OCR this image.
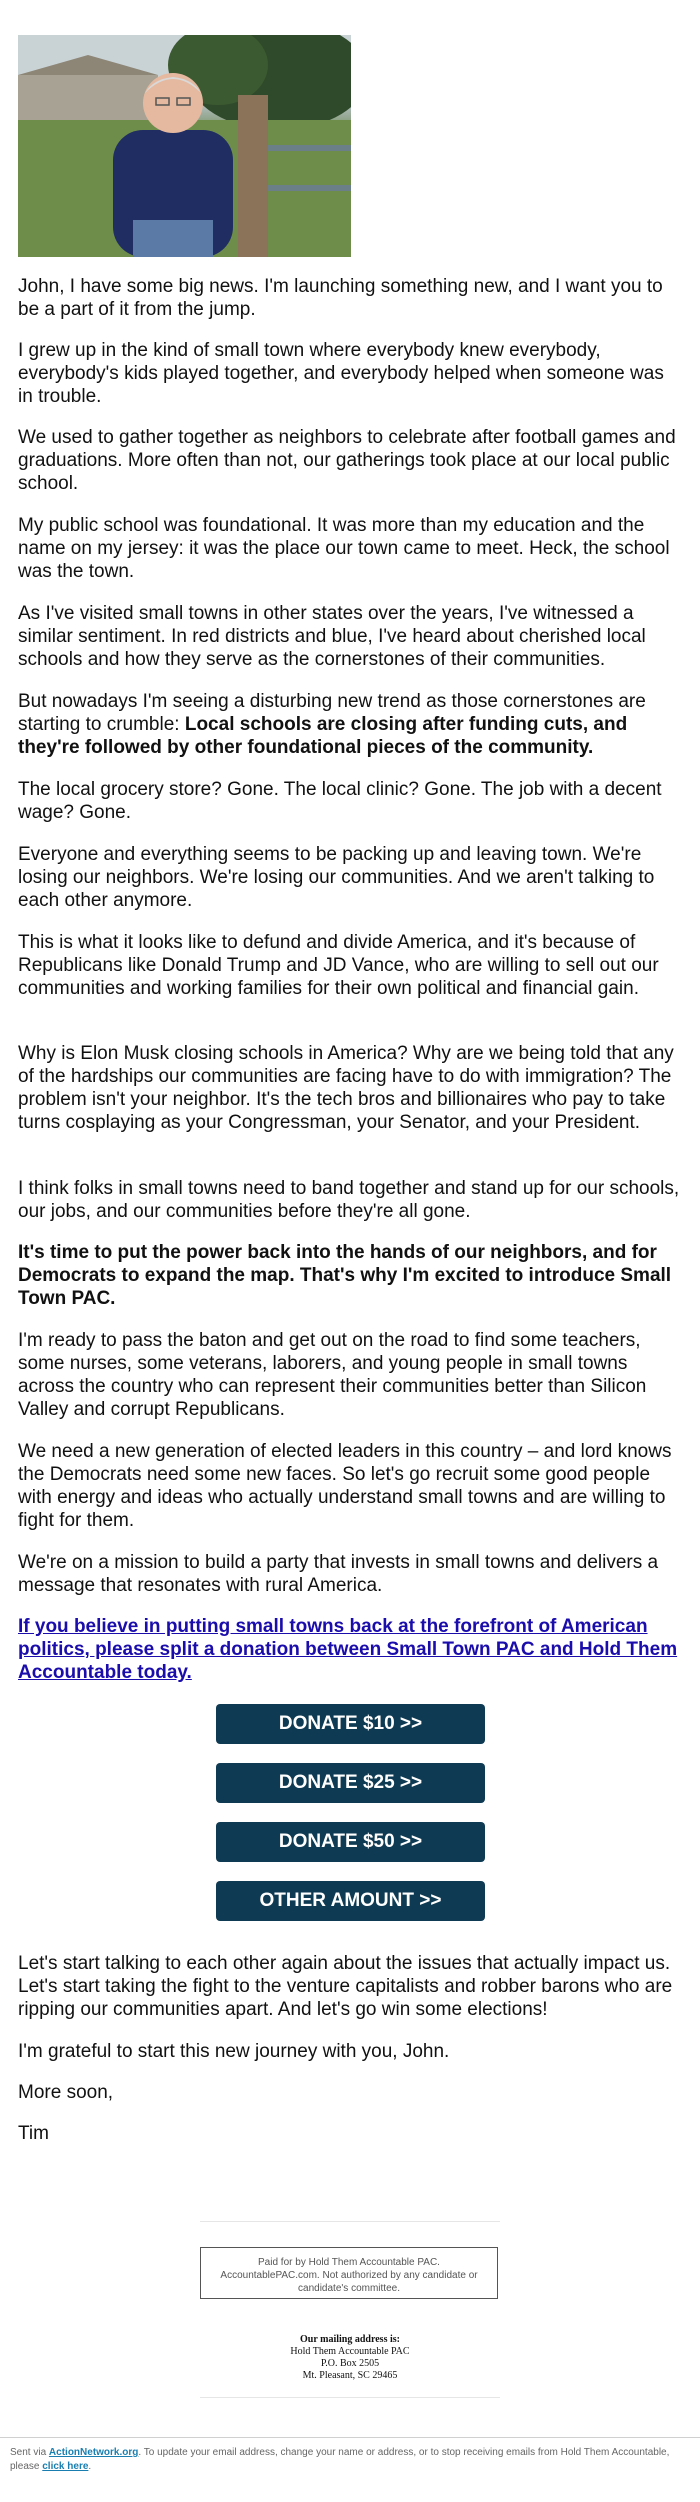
John, I have some big news. I'm launching something new, and I want you to be a part of it from the jump.

I grew up in the kind of small town where everybody knew everybody, everybody's kids played together, and everybody helped when someone was in trouble.

We used to gather together as neighbors to celebrate after football games and graduations. More often than not, our gatherings took place at our local public school.

My public school was foundational. It was more than my education and the name on my jersey: it was the place our town came to meet. Heck, the school was the town.

As I've visited small towns in other states over the years, I've witnessed a similar sentiment. In red districts and blue, I've heard about cherished local schools and how they serve as the cornerstones of their communities.

But nowadays I'm seeing a disturbing new trend as those cornerstones are starting to crumble: Local schools are closing after funding cuts, and they're followed by other foundational pieces of the community.

The local grocery store? Gone. The local clinic? Gone. The job with a decent wage? Gone.

Everyone and everything seems to be packing up and leaving town. We're losing our neighbors. We're losing our communities. And we aren't talking to each other anymore.

This is what it looks like to defund and divide America, and it's because of Republicans like Donald Trump and JD Vance, who are willing to sell out our communities and working families for their own political and financial gain.

Why is Elon Musk closing schools in America? Why are we being told that any of the hardships our communities are facing have to do with immigration? The problem isn't your neighbor. It's the tech bros and billionaires who pay to take turns cosplaying as your Congressman, your Senator, and your President.

I think folks in small towns need to band together and stand up for our schools, our jobs, and our communities before they're all gone.

It's time to put the power back into the hands of our neighbors, and for Democrats to expand the map. That's why I'm excited to introduce Small Town PAC.

I'm ready to pass the baton and get out on the road to find some teachers, some nurses, some veterans, laborers, and young people in small towns across the country who can represent their communities better than Silicon Valley and corrupt Republicans.

We need a new generation of elected leaders in this country – and lord knows the Democrats need some new faces. So let's go recruit some good people with energy and ideas who actually understand small towns and are willing to fight for them.

We're on a mission to build a party that invests in small towns and delivers a message that resonates with rural America.

If you believe in putting small towns back at the forefront of American politics, please split a donation between Small Town PAC and Hold Them Accountable today.

DONATE $10 >>
DONATE $25 >>
DONATE $50 >>
OTHER AMOUNT >>

Let's start talking to each other again about the issues that actually impact us. Let's start taking the fight to the venture capitalists and robber barons who are ripping our communities apart. And let's go win some elections!

I'm grateful to start this new journey with you, John.

More soon,

Tim

Paid for by Hold Them Accountable PAC.
AccountablePAC.com. Not authorized by any candidate or
candidate's committee.
Our mailing address is:
Hold Them Accountable PAC
P.O. Box 2505
Mt. Pleasant, SC 29465
Sent via ActionNetwork.org. To update your email address, change your name or address, or to stop receiving emails from Hold Them Accountable, please click here.
